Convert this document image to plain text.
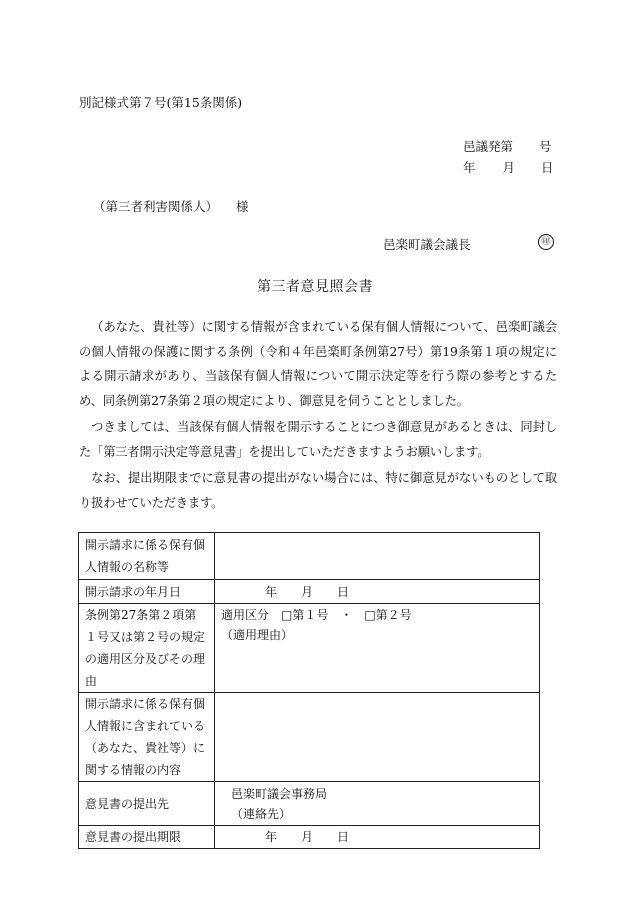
別記様式第７号(第15条関係)
邑議発第 号
年 月 日
（第三者利害関係人） 様
邑楽町議会議長	㊞
第三者意見照会書
（あなた、貴社等）に関する情報が含まれている保有個人情報について、邑楽町議会の個人情報の保護に関する条例（令和４年邑楽町条例第27号）第19条第１項の規定による開示請求があり、当該保有個人情報について開示決定等を行う際の参考とするため、同条例第27条第２項の規定により、御意見を伺うこととしました。
つきましては、当該保有個人情報を開示することにつき御意見があるときは、同封した「第三者開示決定等意見書」を提出していただきますようお願いします。
なお、提出期限までに意見書の提出がない場合には、特に御意見がないものとして取り扱わせていただきます。
開示請求に係る保有個人情報の名称等	
開示請求の年月日	年　　月　　日
条例第27条第２項第１号又は第２号の規定の適用区分及びその理由	適用区分　□第１号　・　□第２号
（適用理由）

開示請求に係る保有個人情報に含まれている（あなた、貴社等）に関する情報の内容	
意見書の提出先	邑楽町議会事務局
（連絡先）

意見書の提出期限	年　　月　　日
